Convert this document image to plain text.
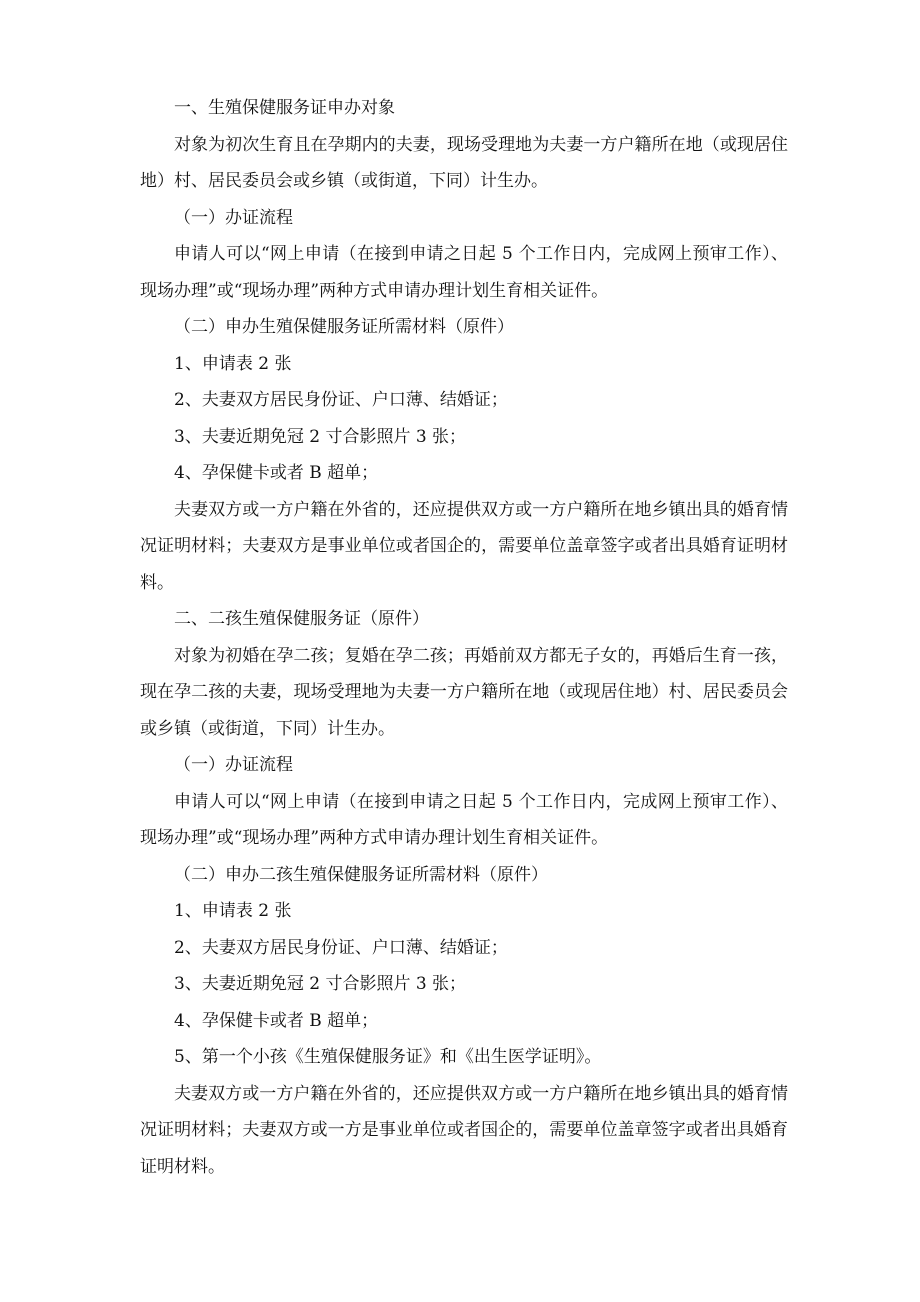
一、生殖保健服务证申办对象

对象为初次生育且在孕期内的夫妻，现场受理地为夫妻一方户籍所在地（或现居住地）村、居民委员会或乡镇（或街道，下同）计生办。

（一）办证流程

申请人可以“网上申请（在接到申请之日起 5 个工作日内，完成网上预审工作）、现场办理”或“现场办理”两种方式申请办理计划生育相关证件。

（二）申办生殖保健服务证所需材料（原件）

1、申请表 2 张

2、夫妻双方居民身份证、户口薄、结婚证；

3、夫妻近期免冠 2 寸合影照片 3 张；

4、孕保健卡或者 B 超单；

夫妻双方或一方户籍在外省的，还应提供双方或一方户籍所在地乡镇出具的婚育情况证明材料；夫妻双方是事业单位或者国企的，需要单位盖章签字或者出具婚育证明材料。

二、二孩生殖保健服务证（原件）

对象为初婚在孕二孩；复婚在孕二孩；再婚前双方都无子女的，再婚后生育一孩，现在孕二孩的夫妻，现场受理地为夫妻一方户籍所在地（或现居住地）村、居民委员会或乡镇（或街道，下同）计生办。

（一）办证流程

申请人可以“网上申请（在接到申请之日起 5 个工作日内，完成网上预审工作）、现场办理”或“现场办理”两种方式申请办理计划生育相关证件。

（二）申办二孩生殖保健服务证所需材料（原件）

1、申请表 2 张

2、夫妻双方居民身份证、户口薄、结婚证；

3、夫妻近期免冠 2 寸合影照片 3 张；

4、孕保健卡或者 B 超单；

5、第一个小孩《生殖保健服务证》和《出生医学证明》。

夫妻双方或一方户籍在外省的，还应提供双方或一方户籍所在地乡镇出具的婚育情况证明材料；夫妻双方或一方是事业单位或者国企的，需要单位盖章签字或者出具婚育证明材料。
